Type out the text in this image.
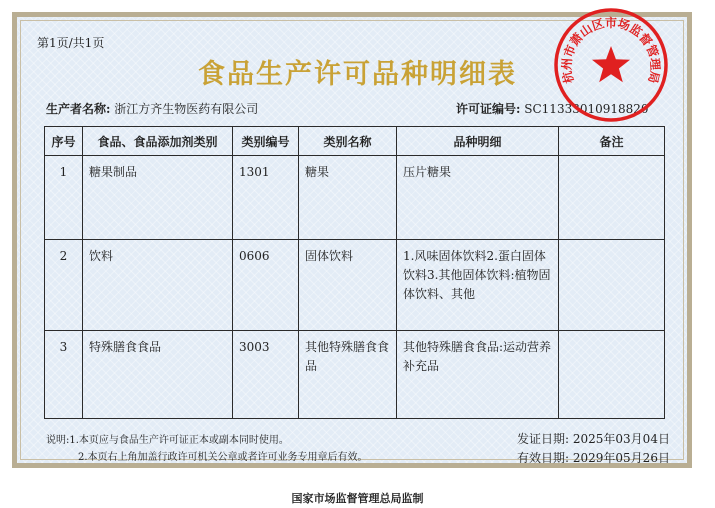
第1页/共1页
食品生产许可品种明细表
生产者名称: 浙江方齐生物医药有限公司	许可证编号: SC11333010918820
序号	食品、食品添加剂类别	类别编号	类别名称	品种明细	备注
1	糖果制品	1301	糖果	压片糖果	
2	饮料	0606	固体饮料	1.风味固体饮料2.蛋白固体饮料3.其他固体饮料:植物固体饮料、其他	
3	特殊膳食食品	3003	其他特殊膳食食品	其他特殊膳食食品:运动营养补充品	
说明:1.本页应与食品生产许可证正本或副本同时使用。
2.本页右上角加盖行政许可机关公章或者许可业务专用章后有效。
发证日期: 2025年03月04日
有效日期: 2029年05月26日
国家市场监督管理总局监制
杭州市萧山区市场监督管理局
